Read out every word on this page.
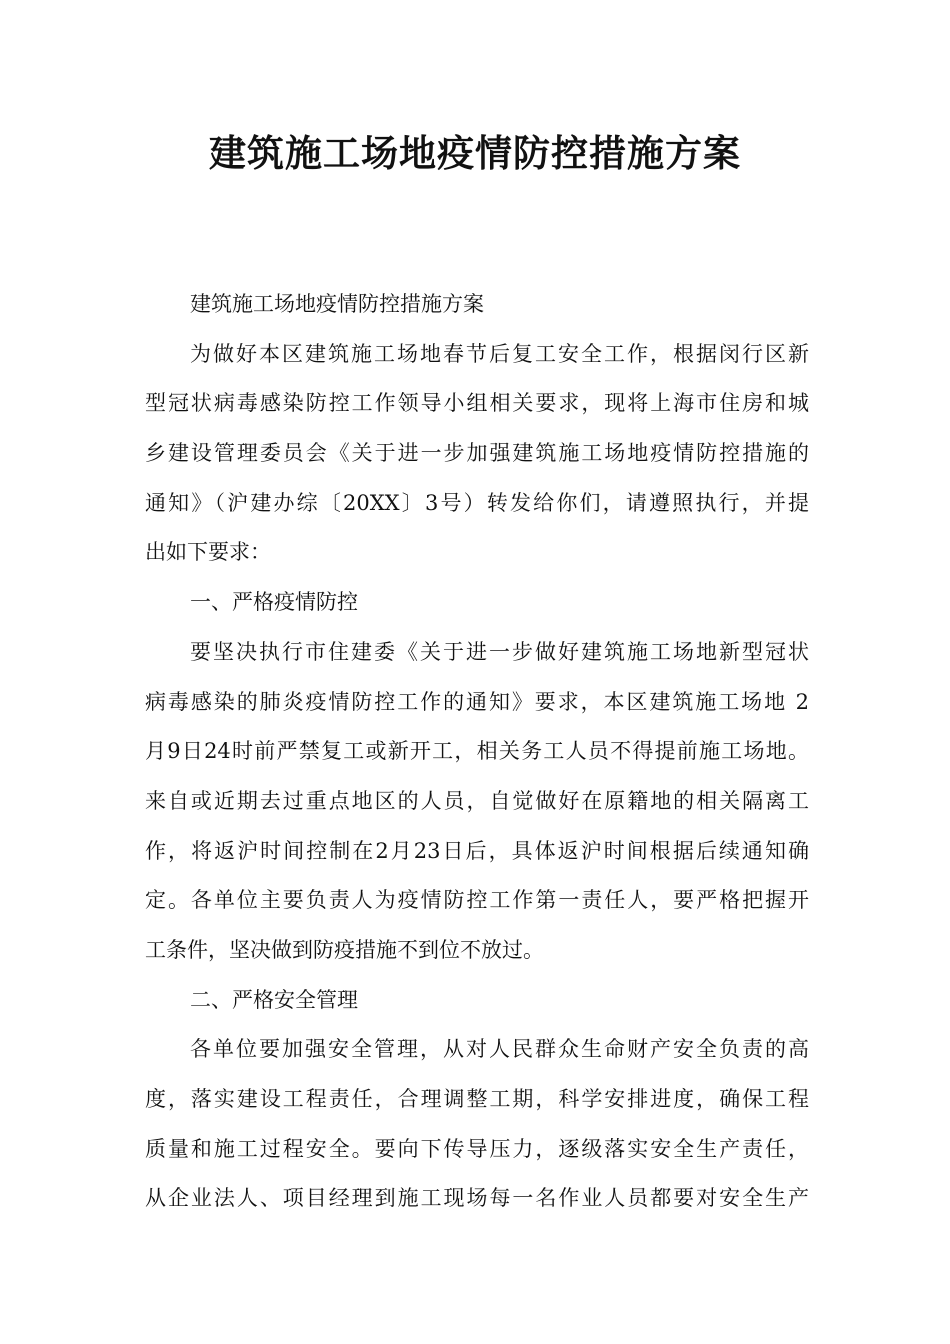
建筑施工场地疫情防控措施方案
建筑施工场地疫情防控措施方案
为做好本区建筑施工场地春节后复工安全工作，根据闵行区新
型冠状病毒感染防控工作领导小组相关要求，现将上海市住房和城
乡建设管理委员会《关于进一步加强建筑施工场地疫情防控措施的
通知》（沪建办综〔20XX〕3号）转发给你们，请遵照执行，并提
出如下要求：
一、严格疫情防控
要坚决执行市住建委《关于进一步做好建筑施工场地新型冠状
病毒感染的肺炎疫情防控工作的通知》要求，本区建筑施工场地 2
月9日24时前严禁复工或新开工，相关务工人员不得提前施工场地。
来自或近期去过重点地区的人员，自觉做好在原籍地的相关隔离工
作，将返沪时间控制在2月23日后，具体返沪时间根据后续通知确
定。各单位主要负责人为疫情防控工作第一责任人，要严格把握开
工条件，坚决做到防疫措施不到位不放过。
二、严格安全管理
各单位要加强安全管理，从对人民群众生命财产安全负责的高
度，落实建设工程责任，合理调整工期，科学安排进度，确保工程
质量和施工过程安全。要向下传导压力，逐级落实安全生产责任，
从企业法人、项目经理到施工现场每一名作业人员都要对安全生产
